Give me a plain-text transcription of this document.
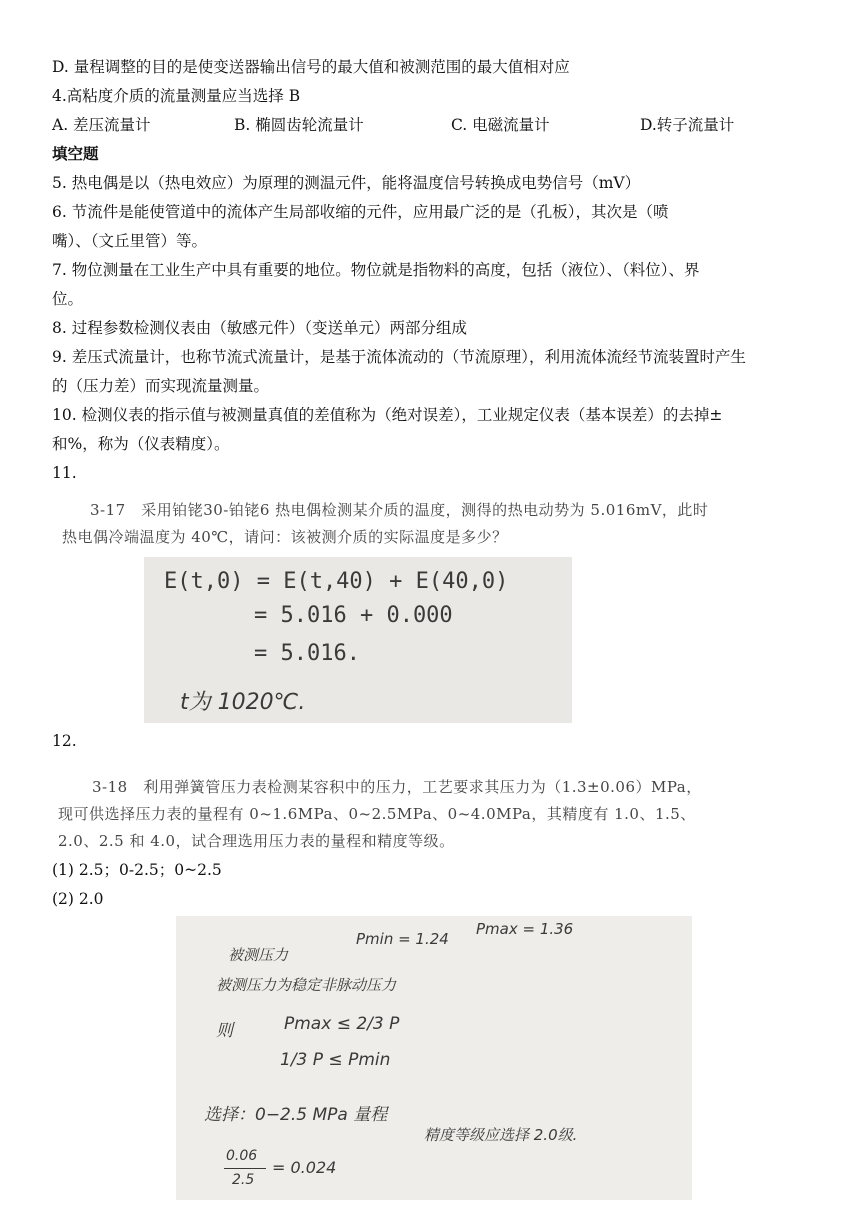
D. 量程调整的目的是使变送器输出信号的最大值和被测范围的最大值相对应
4.高粘度介质的流量测量应当选择 B
A. 差压流量计	B. 椭圆齿轮流量计	C. 电磁流量计	D.转子流量计
填空题
5. 热电偶是以（热电效应）为原理的测温元件，能将温度信号转换成电势信号（mV）
6. 节流件是能使管道中的流体产生局部收缩的元件，应用最广泛的是（孔板），其次是（喷
嘴）、（文丘里管）等。
7. 物位测量在工业生产中具有重要的地位。物位就是指物料的高度，包括（液位）、（料位）、界
位。
8. 过程参数检测仪表由（敏感元件）（变送单元）两部分组成
9. 差压式流量计，也称节流式流量计，是基于流体流动的（节流原理），利用流体流经节流装置时产生
的（压力差）而实现流量测量。
10. 检测仪表的指示值与被测量真值的差值称为（绝对误差），工业规定仪表（基本误差）的去掉±
和%，称为（仪表精度）。
11.
3-17　采用铂铑30-铂铑6 热电偶检测某介质的温度，测得的热电动势为 5.016mV，此时
热电偶冷端温度为 40℃，请问：该被测介质的实际温度是多少？
E(t,0) = E(t,40) + E(40,0)
= 5.016 + 0.000
= 5.016.
t为 1020℃.
12.
3-18　利用弹簧管压力表检测某容积中的压力，工艺要求其压力为（1.3±0.06）MPa，
现可供选择压力表的量程有 0~1.6MPa、0~2.5MPa、0~4.0MPa，其精度有 1.0、1.5、
2.0、2.5 和 4.0，试合理选用压力表的量程和精度等级。
(1) 2.5；0-2.5；0~2.5
(2) 2.0
Pmin = 1.24
Pmax = 1.36
被测压力
被测压力为稳定非脉动压力
则	Pmax ≤ 2/3 P
1/3 P ≤ Pmin
选择：0−2.5 MPa 量程
0.06
2.5
= 0.024
精度等级应选择 2.0级.
